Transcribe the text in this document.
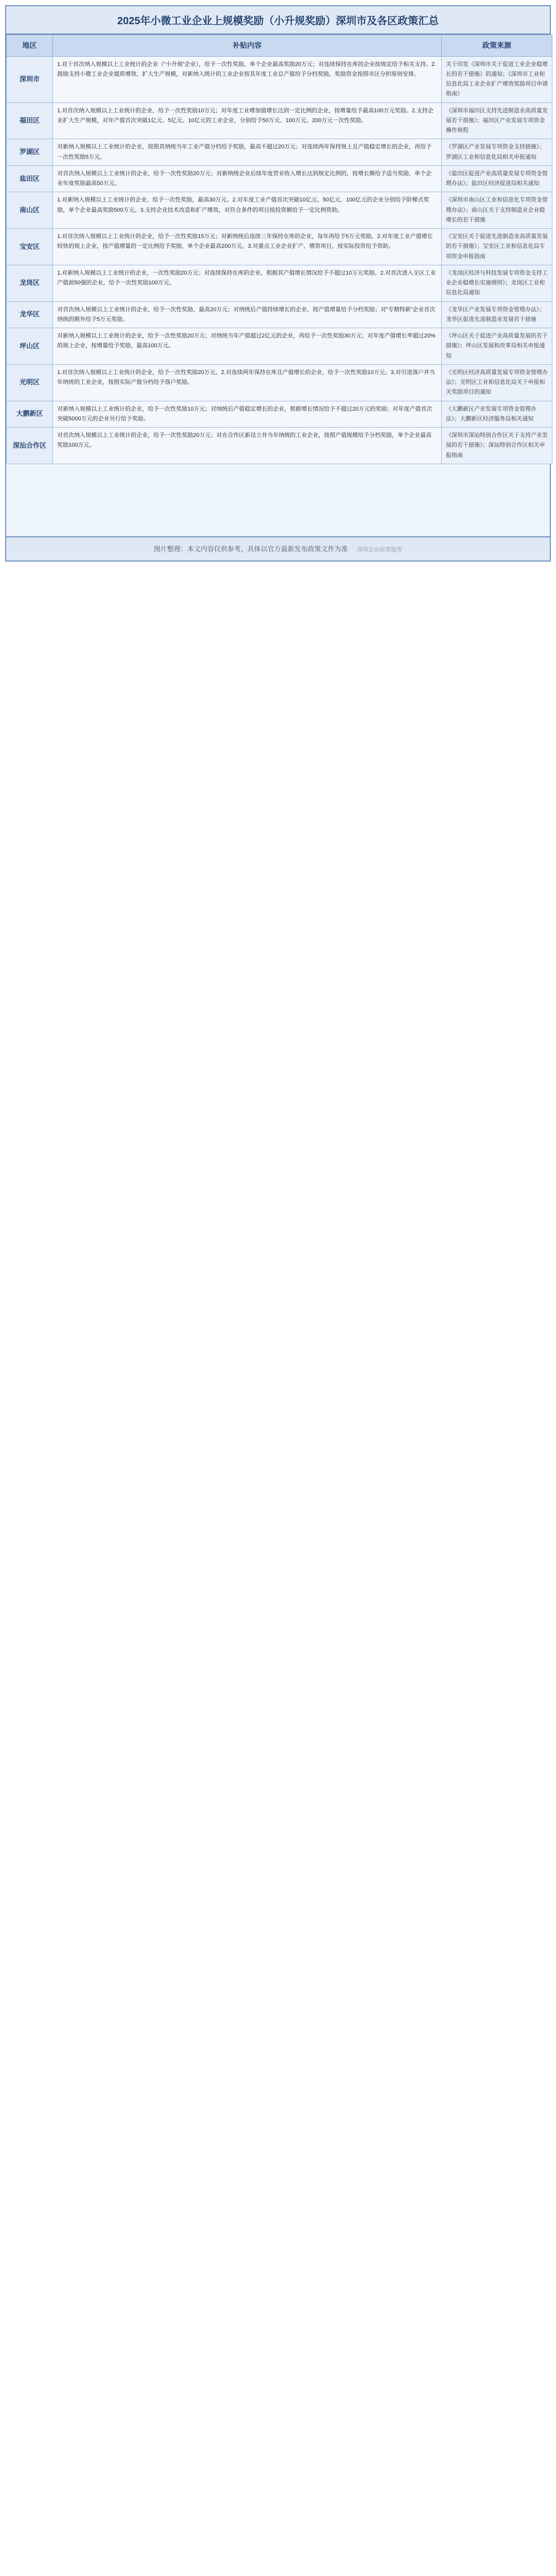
2025年小微工业企业上规模奖励（小升规奖励）深圳市及各区政策汇总
地区	补贴内容	政策来源
深圳市	1.对于首次纳入规模以上工业统计的企业（“小升规”企业），给予一次性奖励，单个企业最高奖励20万元；对连续保持在库的企业按规定给予相关支持。2.鼓励支持小微工业企业提质增效、扩大生产规模，对新纳入统计的工业企业按其年度工业总产值给予分档奖励，奖励资金按照市区分担原则安排。	关于印发《深圳市关于促进工业企业稳增长的若干措施》的通知；《深圳市工业和信息化局工业企业扩产增效奖励项目申请指南》
福田区	1.对首次纳入规模以上工业统计的企业，给予一次性奖励10万元；对年度工业增加值增长达到一定比例的企业，按增量给予最高100万元奖励。2.支持企业扩大生产规模，对年产值首次突破1亿元、5亿元、10亿元的工业企业，分别给予50万元、100万元、200万元一次性奖励。	《深圳市福田区支持先进制造业高质量发展若干措施》；福田区产业发展专项资金操作规程
罗湖区	对新纳入规模以上工业统计的企业，按照其纳统当年工业产值分档给予奖励，最高不超过20万元；对连续两年保持规上且产值稳定增长的企业，再给予一次性奖励5万元。	《罗湖区产业发展专项资金支持措施》；罗湖区工业和信息化局相关申报通知
盐田区	对首次纳入规模以上工业统计的企业，给予一次性奖励20万元；对新纳统企业后续年度营业收入增长达到规定比例的，按增长额给予适当奖励，单个企业年度奖励最高50万元。	《盐田区促进产业高质量发展专项资金管理办法》；盐田区经济促进局相关通知
南山区	1.对新纳入规模以上工业统计的企业，给予一次性奖励，最高30万元。2.对年度工业产值首次突破10亿元、50亿元、100亿元的企业分别给予阶梯式奖励，单个企业最高奖励500万元。3.支持企业技术改造和扩产增效，对符合条件的项目按投资额给予一定比例资助。	《深圳市南山区工业和信息化专项资金管理办法》；南山区关于支持制造业企业稳增长的若干措施
宝安区	1.对首次纳入规模以上工业统计的企业，给予一次性奖励15万元；对新纳统后连续三年保持在库的企业，每年再给予5万元奖励。2.对年度工业产值增长较快的规上企业，按产值增量的一定比例给予奖励，单个企业最高200万元。3.对重点工业企业扩产、增资项目，按实际投资给予资助。	《宝安区关于促进先进制造业高质量发展的若干措施》；宝安区工业和信息化局专项资金申报指南
龙岗区	1.对新纳入规模以上工业统计的企业，一次性奖励20万元；对连续保持在库的企业，根据其产值增长情况给予不超过10万元奖励。2.对首次进入全区工业产值前50强的企业，给予一次性奖励100万元。	《龙岗区经济与科技发展专项资金支持工业企业稳增长实施细则》；龙岗区工业和信息化局通知
龙华区	对首次纳入规模以上工业统计的企业，给予一次性奖励，最高20万元；对纳统后产值持续增长的企业，按产值增量给予分档奖励；对“专精特新”企业首次纳统的额外给予5万元奖励。	《龙华区产业发展专项资金管理办法》；龙华区促进先进制造业发展若干措施
坪山区	对新纳入规模以上工业统计的企业，给予一次性奖励20万元；对纳统当年产值超过2亿元的企业，再给予一次性奖励30万元；对年度产值增长率超过20%的规上企业，按增量给予奖励，最高100万元。	《坪山区关于促进产业高质量发展的若干措施》；坪山区发展和改革局相关申报通知
光明区	1.对首次纳入规模以上工业统计的企业，给予一次性奖励20万元。2.对连续两年保持在库且产值增长的企业，给予一次性奖励10万元。3.对引进落户并当年纳统的工业企业，按照实际产值分档给予落户奖励。	《光明区经济高质量发展专项资金管理办法》；光明区工业和信息化局关于申报相关奖励项目的通知
大鹏新区	对新纳入规模以上工业统计的企业，给予一次性奖励10万元；对纳统后产值稳定增长的企业，根据增长情况给予不超过20万元的奖励；对年度产值首次突破5000万元的企业另行给予奖励。	《大鹏新区产业发展专项资金管理办法》；大鹏新区经济服务局相关通知
深汕合作区	对首次纳入规模以上工业统计的企业，给予一次性奖励20万元；对在合作区新设立并当年纳统的工业企业，按照产值规模给予分档奖励，单个企业最高奖励100万元。	《深圳市深汕特别合作区关于支持产业发展的若干措施》；深汕特别合作区相关申报指南
图片整理：本文内容仅供参考，具体以官方最新发布政策文件为准 深圳企业政策服务
